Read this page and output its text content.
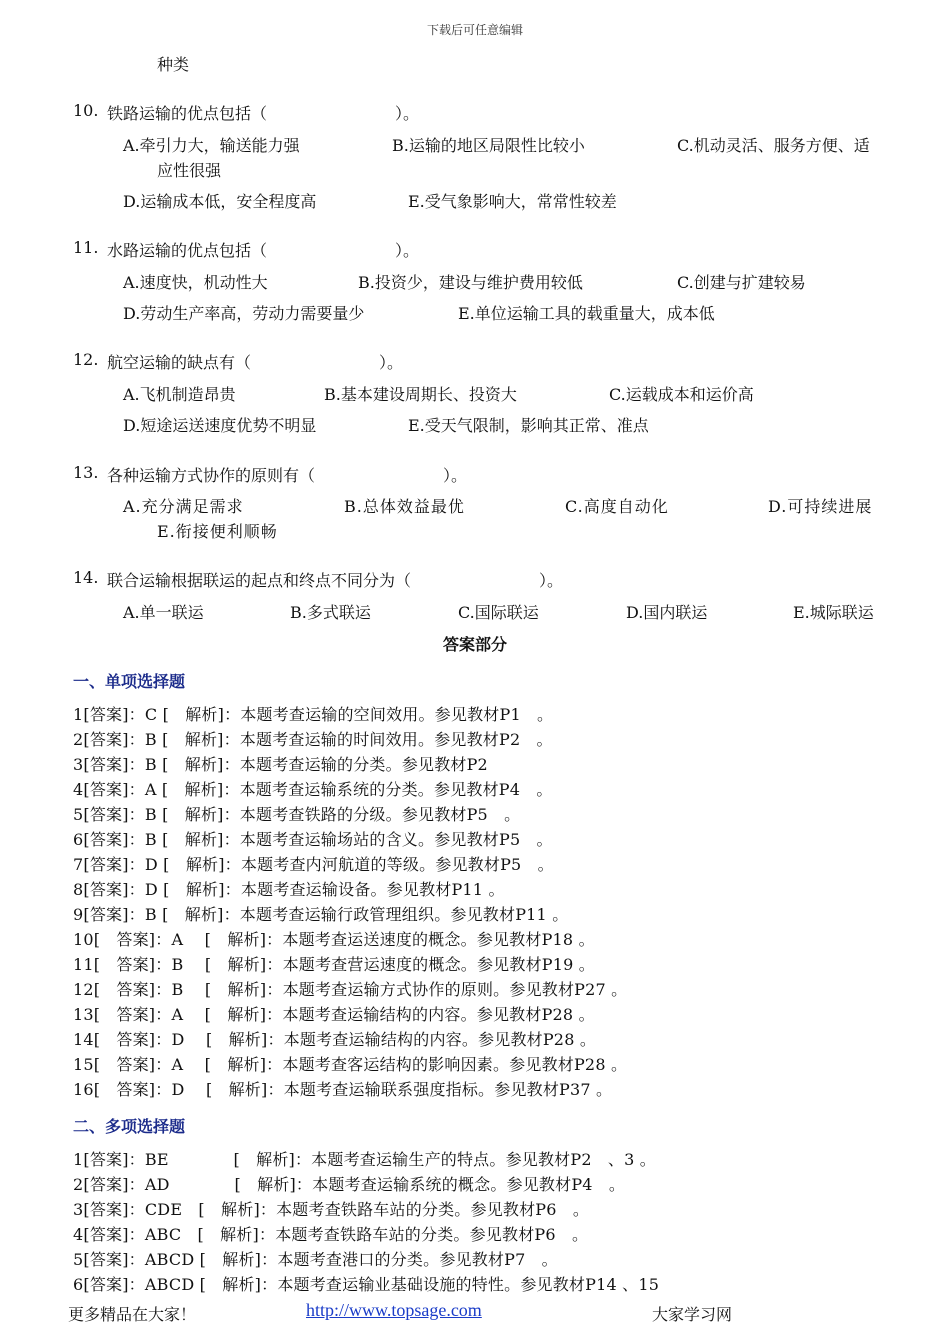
下载后可任意编辑
种类
10. 铁路运输的优点包括（　　　　　　　　）。
A.牵引力大，输送能力强	B.运输的地区局限性比较小	C.机动灵活、服务方便、适
应性很强
D.运输成本低，安全程度高	E.受气象影响大，常常性较差
11. 水路运输的优点包括（　　　　　　　　）。
A.速度快，机动性大	B.投资少，建设与维护费用较低	C.创建与扩建较易
D.劳动生产率高，劳动力需要量少	E.单位运输工具的载重量大，成本低
12. 航空运输的缺点有（　　　　　　　　）。
A.飞机制造昂贵	B.基本建设周期长、投资大	C.运载成本和运价高
D.短途运送速度优势不明显	E.受天气限制，影响其正常、准点
13. 各种运输方式协作的原则有（　　　　　　　　）。
A.充分满足需求	B.总体效益最优	C.高度自动化	D.可持续进展
E.衔接便利顺畅
14. 联合运输根据联运的起点和终点不同分为（　　　　　　　　）。
A.单一联运	B.多式联运	C.国际联运	D.国内联运	E.城际联运
答案部分
一、单项选择题
1[答案]：C [　解析]：本题考查运输的空间效用。参见教材P1　。
2[答案]：B [　解析]：本题考查运输的时间效用。参见教材P2　。
3[答案]：B [　解析]：本题考查运输的分类。参见教材P2
4[答案]：A [　解析]：本题考查运输系统的分类。参见教材P4　。
5[答案]：B [　解析]：本题考查铁路的分级。参见教材P5　。
6[答案]：B [　解析]：本题考查运输场站的含义。参见教材P5　。
7[答案]：D [　解析]：本题考查内河航道的等级。参见教材P5　。
8[答案]：D [　解析]：本题考查运输设备。参见教材P11 。
9[答案]：B [　解析]：本题考查运输行政管理组织。参见教材P11 。
10[　答案]：A　 [　解析]：本题考查运送速度的概念。参见教材P18 。
11[　答案]：B　 [　解析]：本题考查营运速度的概念。参见教材P19 。
12[　答案]：B　 [　解析]：本题考查运输方式协作的原则。参见教材P27 。
13[　答案]：A　 [　解析]：本题考查运输结构的内容。参见教材P28 。
14[　答案]：D　 [　解析]：本题考查运输结构的内容。参见教材P28 。
15[　答案]：A　 [　解析]：本题考查客运结构的影响因素。参见教材P28 。
16[　答案]：D　 [　解析]：本题考查运输联系强度指标。参见教材P37 。
二、多项选择题
1[答案]：BE　　　　[　解析]：本题考查运输生产的特点。参见教材P2　、3 。
2[答案]：AD　　　　[　解析]：本题考查运输系统的概念。参见教材P4　。
3[答案]：CDE　[　解析]：本题考查铁路车站的分类。参见教材P6　。
4[答案]：ABC　[　解析]：本题考查铁路车站的分类。参见教材P6　。
5[答案]：ABCD [　解析]：本题考查港口的分类。参见教材P7　。
6[答案]：ABCD [　解析]：本题考查运输业基础设施的特性。参见教材P14 、15
更多精品在大家！	http://www.topsage.com	大家学习网
